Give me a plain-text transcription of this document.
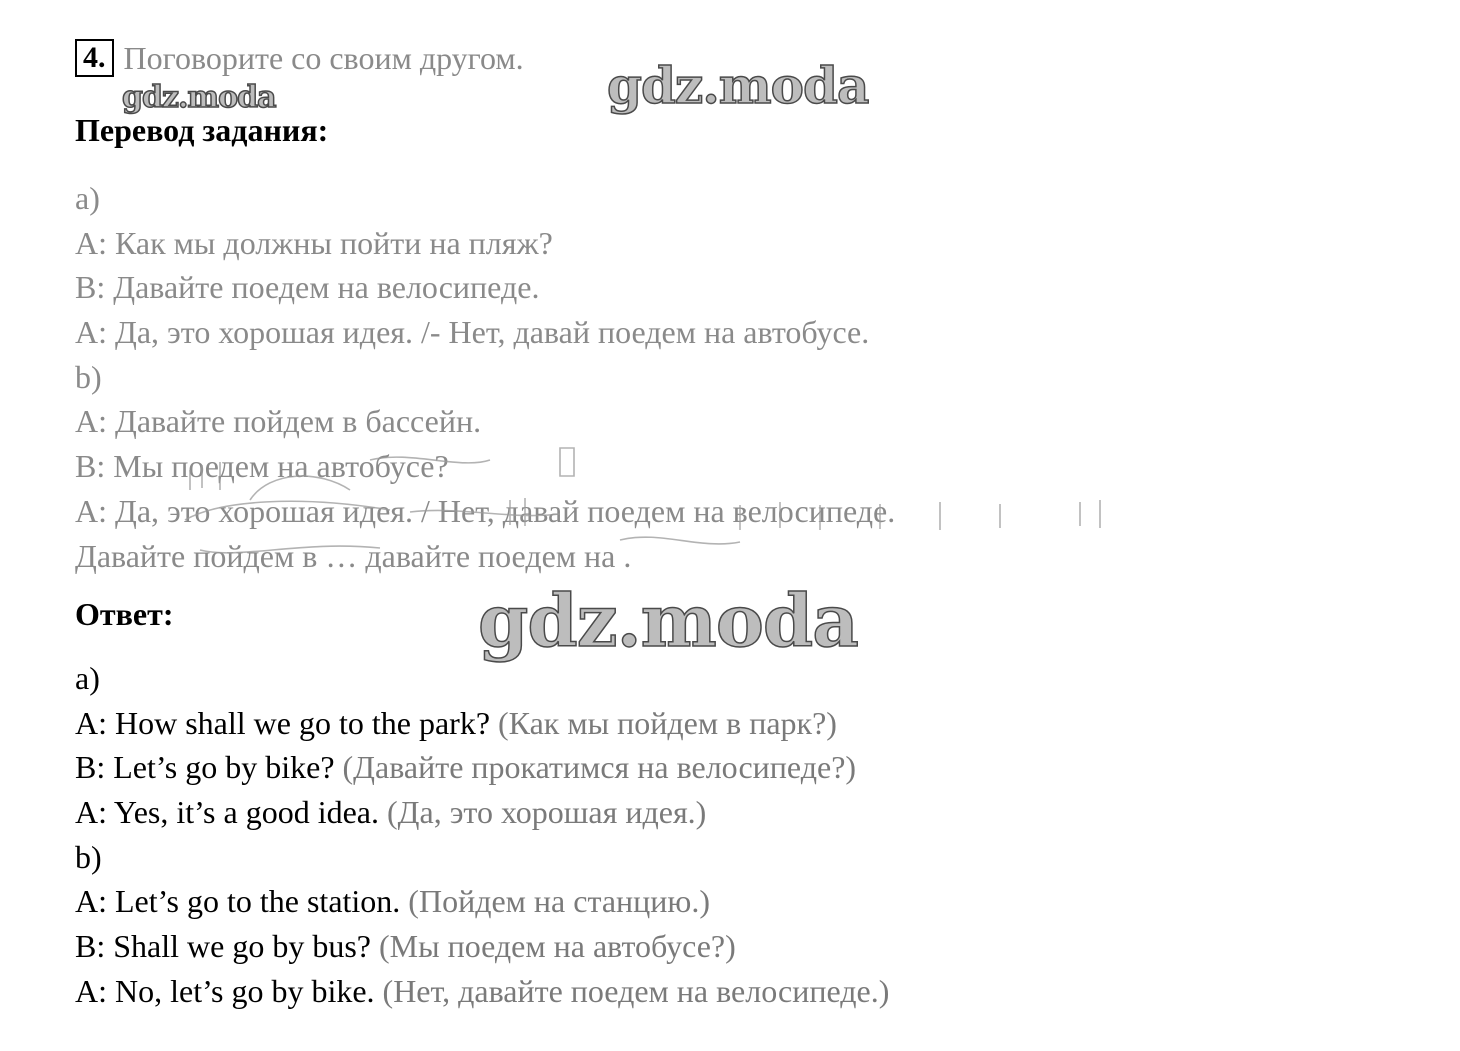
4. Поговорите со своим другом.
gdz.moda	gdz.moda
Перевод задания:
a)
A: Как мы должны пойти на пляж?
B: Давайте поедем на велосипеде.
A: Да, это хорошая идея. /- Нет, давай поедем на автобусе.
b)
A: Давайте пойдем в бассейн.
B: Мы поедем на автобусе?
A: Да, это хорошая идея. / Нет, давай поедем на велосипеде.
Давайте пойдем в … давайте поедем на .
Ответ:	gdz.moda
a)
A: How shall we go to the park? (Как мы пойдем в парк?)
B: Let’s go by bike? (Давайте прокатимся на велосипеде?)
A: Yes, it’s a good idea. (Да, это хорошая идея.)
b)
A: Let’s go to the station. (Пойдем на станцию.)
B: Shall we go by bus? (Мы поедем на автобусе?)
A: No, let’s go by bike. (Нет, давайте поедем на велосипеде.)
